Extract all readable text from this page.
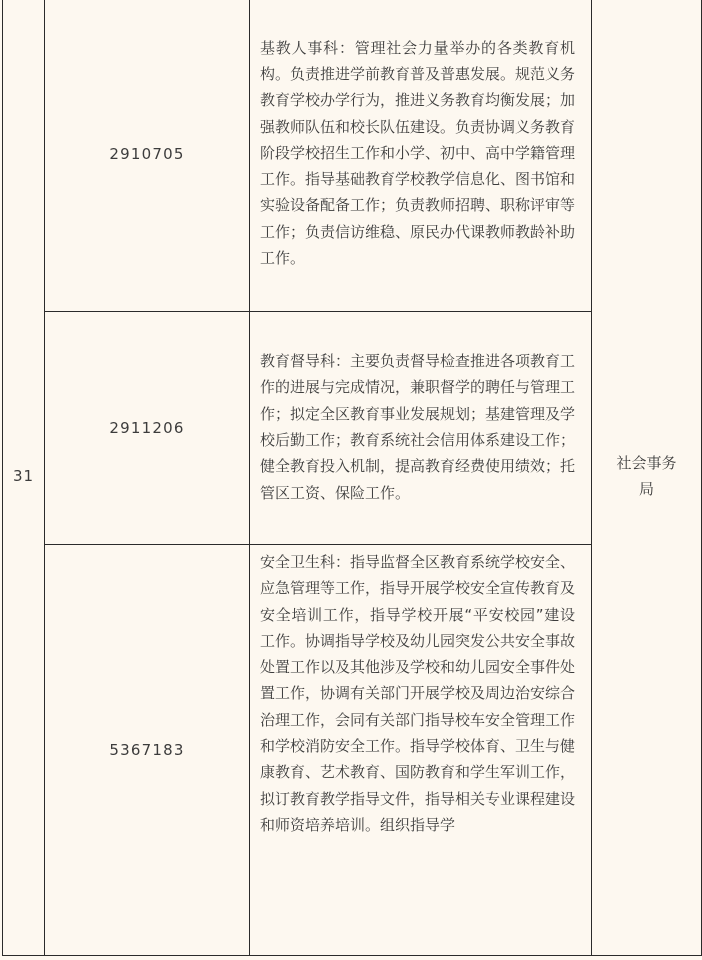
31	2910705	基教人事科：管理社会力量举办的各类教育机构。负责推进学前教育普及普惠发展。规范义务教育学校办学行为，推进义务教育均衡发展；加强教师队伍和校长队伍建设。负责协调义务教育阶段学校招生工作和小学、初中、高中学籍管理工作。指导基础教育学校教学信息化、图书馆和实验设备配备工作；负责教师招聘、职称评审等工作；负责信访维稳、原民办代课教师教龄补助工作。	社会事务局
	2911206	教育督导科：主要负责督导检查推进各项教育工作的进展与完成情况，兼职督学的聘任与管理工作；拟定全区教育事业发展规划；基建管理及学校后勤工作；教育系统社会信用体系建设工作；健全教育投入机制，提高教育经费使用绩效；托管区工资、保险工作。	
	5367183	安全卫生科：指导监督全区教育系统学校安全、应急管理等工作，指导开展学校安全宣传教育及安全培训工作，指导学校开展“平安校园”建设工作。协调指导学校及幼儿园突发公共安全事故处置工作以及其他涉及学校和幼儿园安全事件处置工作，协调有关部门开展学校及周边治安综合治理工作，会同有关部门指导校车安全管理工作和学校消防安全工作。指导学校体育、卫生与健康教育、艺术教育、国防教育和学生军训工作，拟订教育教学指导文件，指导相关专业课程建设和师资培养培训。组织指导学	
